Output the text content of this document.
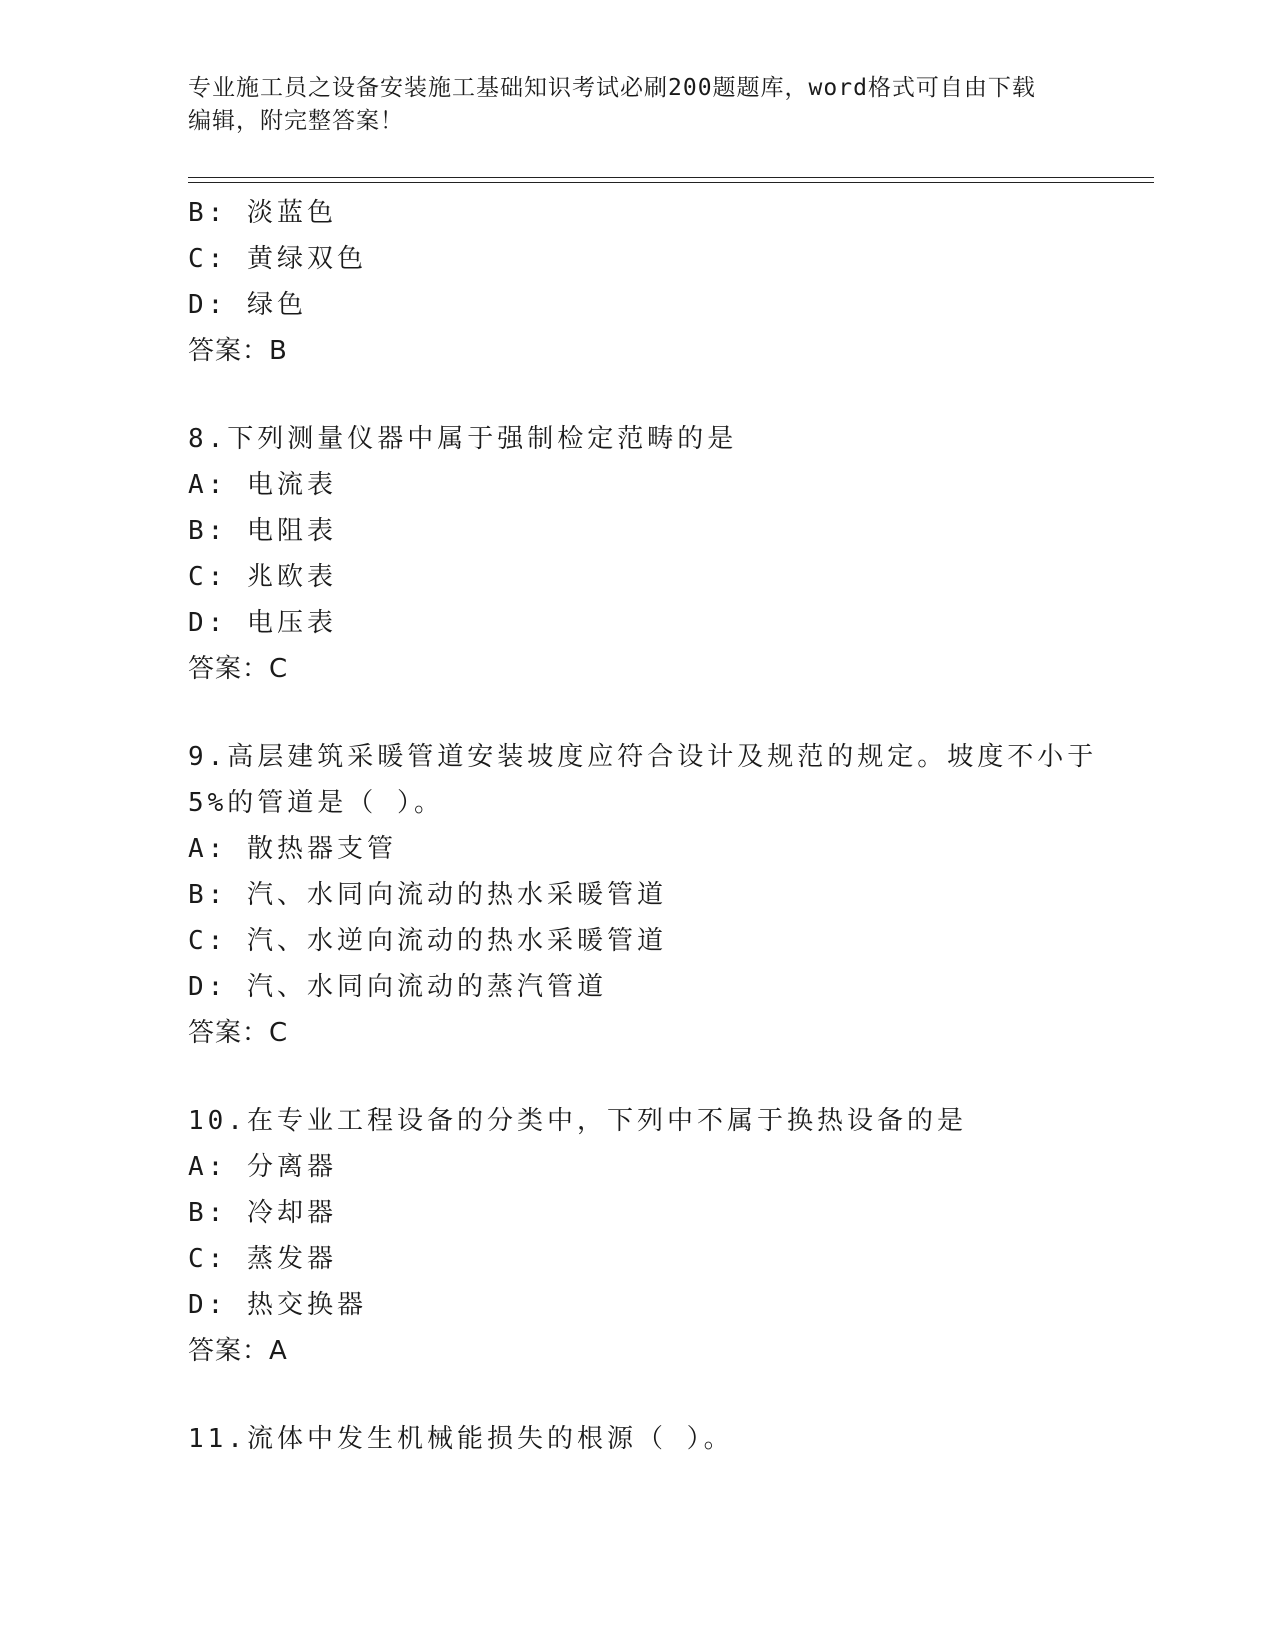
专业施工员之设备安装施工基础知识考试必刷200题题库，word格式可自由下载
编辑，附完整答案！
B: 淡蓝色
C: 黄绿双色
D: 绿色
答案：B
8.下列测量仪器中属于强制检定范畴的是
A: 电流表
B: 电阻表
C: 兆欧表
D: 电压表
答案：C
9.高层建筑采暖管道安装坡度应符合设计及规范的规定。坡度不小于
5%的管道是（ ）。
A: 散热器支管
B: 汽、水同向流动的热水采暖管道
C: 汽、水逆向流动的热水采暖管道
D: 汽、水同向流动的蒸汽管道
答案：C
10.在专业工程设备的分类中，下列中不属于换热设备的是
A: 分离器
B: 冷却器
C: 蒸发器
D: 热交换器
答案：A
11.流体中发生机械能损失的根源（ ）。
